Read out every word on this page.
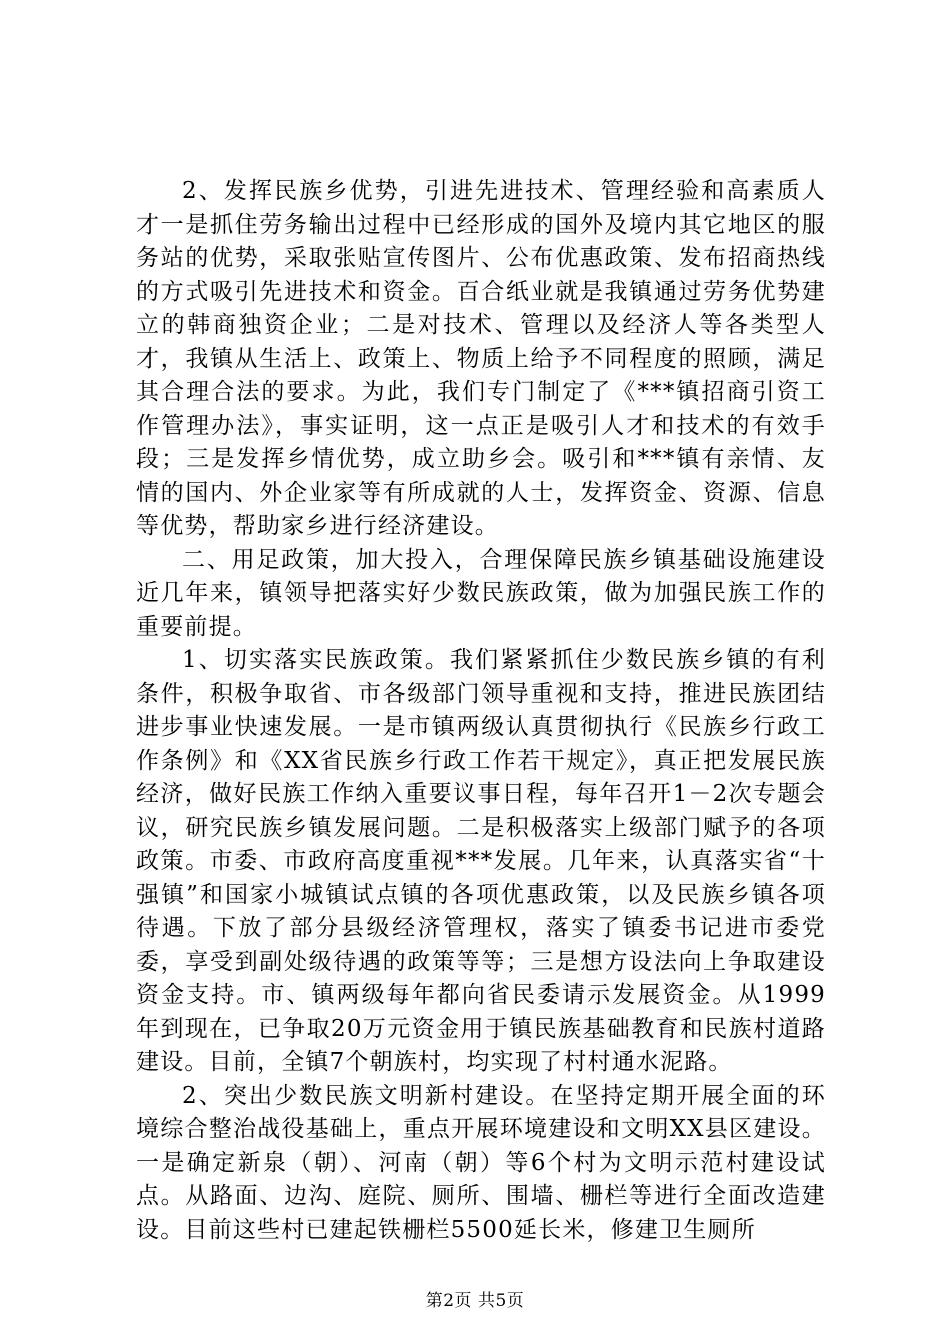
2、发挥民族乡优势，引进先进技术、管理经验和高素质人才一是抓住劳务输出过程中已经形成的国外及境内其它地区的服务站的优势，采取张贴宣传图片、公布优惠政策、发布招商热线的方式吸引先进技术和资金。百合纸业就是我镇通过劳务优势建立的韩商独资企业；二是对技术、管理以及经济人等各类型人才，我镇从生活上、政策上、物质上给予不同程度的照顾，满足其合理合法的要求。为此，我们专门制定了《***镇招商引资工作管理办法》，事实证明，这一点正是吸引人才和技术的有效手段；三是发挥乡情优势，成立助乡会。吸引和***镇有亲情、友情的国内、外企业家等有所成就的人士，发挥资金、资源、信息等优势，帮助家乡进行经济建设。

二、用足政策，加大投入，合理保障民族乡镇基础设施建设近几年来，镇领导把落实好少数民族政策，做为加强民族工作的重要前提。

1、切实落实民族政策。我们紧紧抓住少数民族乡镇的有利条件，积极争取省、市各级部门领导重视和支持，推进民族团结进步事业快速发展。一是市镇两级认真贯彻执行《民族乡行政工作条例》和《XX省民族乡行政工作若干规定》，真正把发展民族经济，做好民族工作纳入重要议事日程，每年召开1－2次专题会议，研究民族乡镇发展问题。二是积极落实上级部门赋予的各项政策。市委、市政府高度重视***发展。几年来，认真落实省“十强镇”和国家小城镇试点镇的各项优惠政策，以及民族乡镇各项待遇。下放了部分县级经济管理权，落实了镇委书记进市委党委，享受到副处级待遇的政策等等；三是想方设法向上争取建设资金支持。市、镇两级每年都向省民委请示发展资金。从1999年到现在，已争取20万元资金用于镇民族基础教育和民族村道路建设。目前，全镇7个朝族村，均实现了村村通水泥路。

2、突出少数民族文明新村建设。在坚持定期开展全面的环境综合整治战役基础上，重点开展环境建设和文明XX县区建设。一是确定新泉（朝）、河南（朝）等6个村为文明示范村建设试点。从路面、边沟、庭院、厕所、围墙、栅栏等进行全面改造建设。目前这些村已建起铁栅栏5500延长米，修建卫生厕所

第2页 共5页
